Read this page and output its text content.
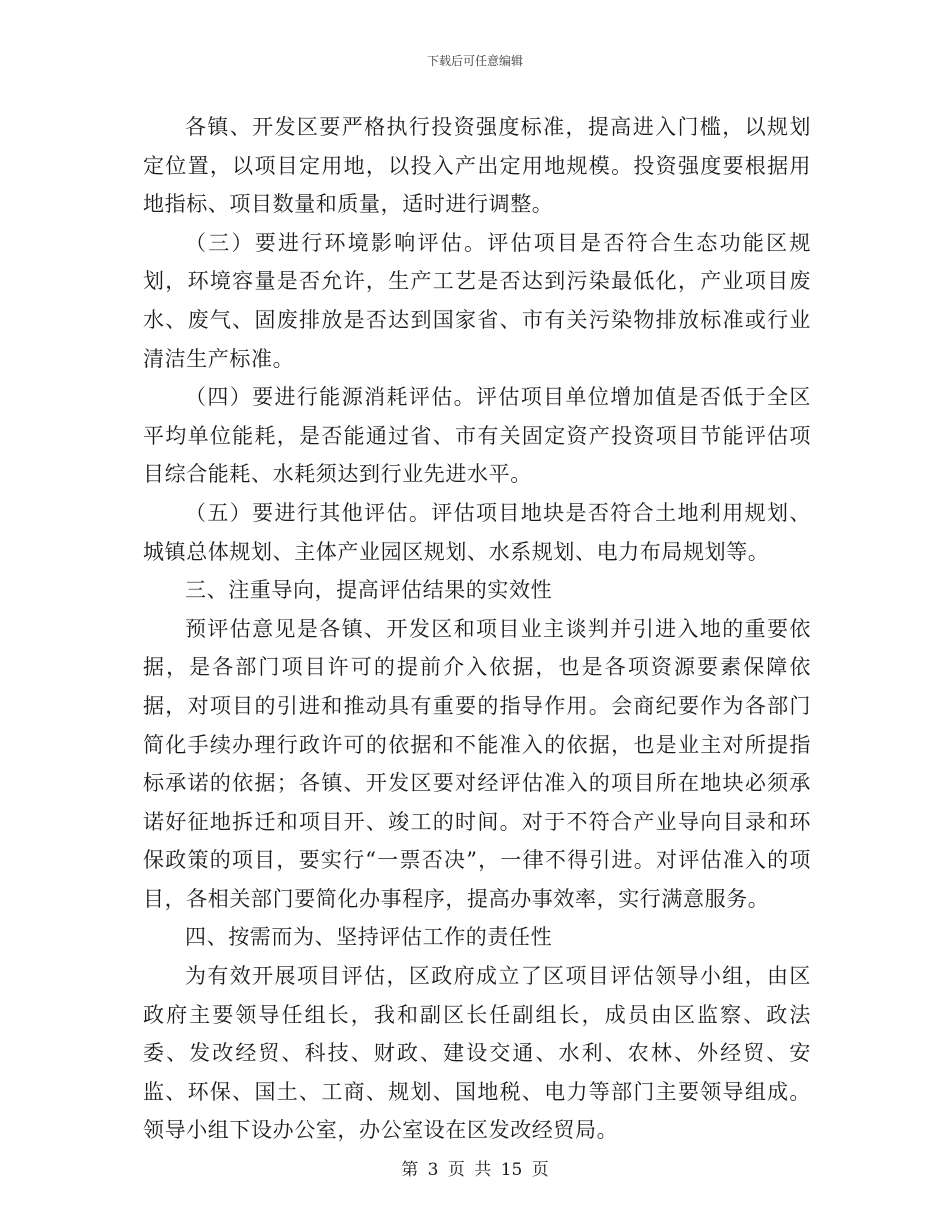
下载后可任意编辑

各镇、开发区要严格执行投资强度标准，提高进入门槛，以规划定位置，以项目定用地，以投入产出定用地规模。投资强度要根据用地指标、项目数量和质量，适时进行调整。

（三）要进行环境影响评估。评估项目是否符合生态功能区规划，环境容量是否允许，生产工艺是否达到污染最低化，产业项目废水、废气、固废排放是否达到国家省、市有关污染物排放标准或行业清洁生产标准。

（四）要进行能源消耗评估。评估项目单位增加值是否低于全区平均单位能耗，是否能通过省、市有关固定资产投资项目节能评估项目综合能耗、水耗须达到行业先进水平。

（五）要进行其他评估。评估项目地块是否符合土地利用规划、城镇总体规划、主体产业园区规划、水系规划、电力布局规划等。

三、注重导向，提高评估结果的实效性

预评估意见是各镇、开发区和项目业主谈判并引进入地的重要依据，是各部门项目许可的提前介入依据，也是各项资源要素保障依据，对项目的引进和推动具有重要的指导作用。会商纪要作为各部门简化手续办理行政许可的依据和不能准入的依据，也是业主对所提指标承诺的依据；各镇、开发区要对经评估准入的项目所在地块必须承诺好征地拆迁和项目开、竣工的时间。对于不符合产业导向目录和环保政策的项目，要实行“一票否决”，一律不得引进。对评估准入的项目，各相关部门要简化办事程序，提高办事效率，实行满意服务。

四、按需而为、坚持评估工作的责任性

为有效开展项目评估，区政府成立了区项目评估领导小组，由区政府主要领导任组长，我和副区长任副组长，成员由区监察、政法委、发改经贸、科技、财政、建设交通、水利、农林、外经贸、安监、环保、国土、工商、规划、国地税、电力等部门主要领导组成。领导小组下设办公室，办公室设在区发改经贸局。

第 3 页 共 15 页
